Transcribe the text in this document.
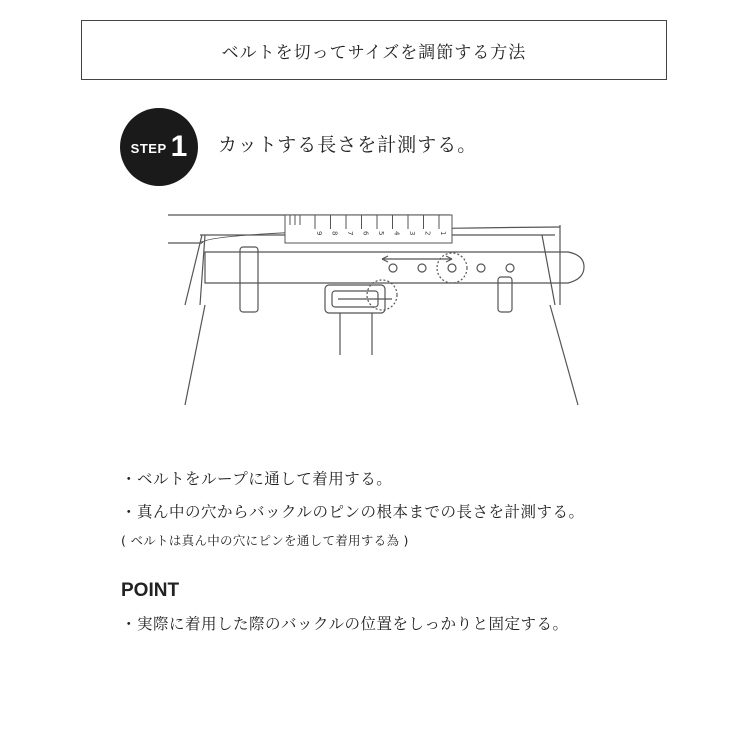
ベルトを切ってサイズを調節する方法
STEP 1 カットする長さを計測する。
9 8 7 6 5 4 3 2 1
・ベルトをループに通して着用する。
・真ん中の穴からバックルのピンの根本までの長さを計測する。
( ベルトは真ん中の穴にピンを通して着用する為 )
POINT
・実際に着用した際のバックルの位置をしっかりと固定する。
